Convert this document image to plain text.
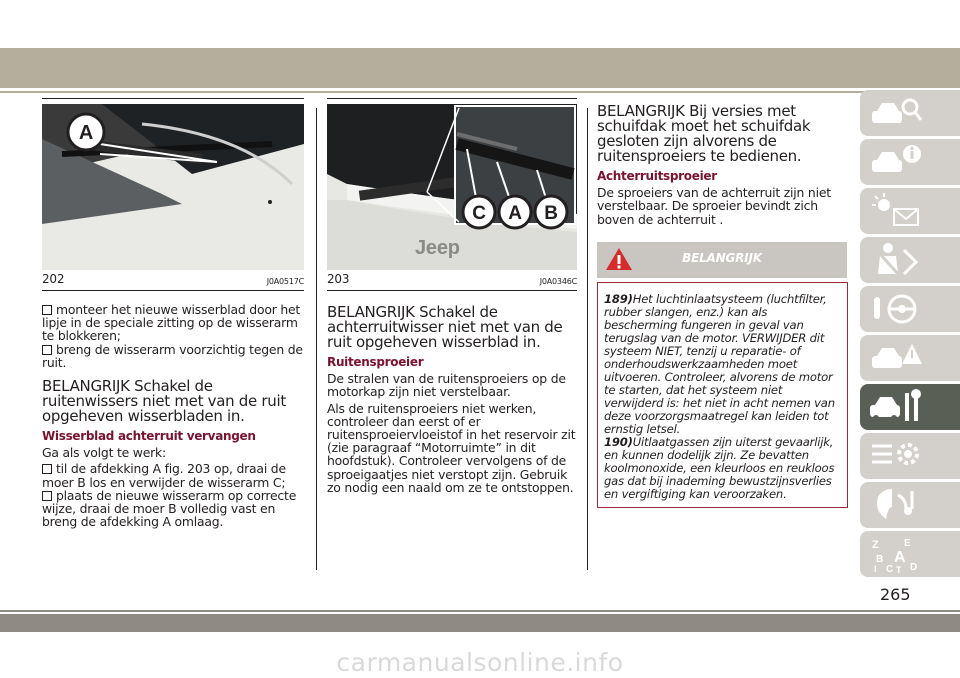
A
202	J0A0517C

monteer het nieuwe wisserblad door het lipje in de speciale zitting op de wisserarm te blokkeren;

breng de wisserarm voorzichtig tegen de ruit.

BELANGRIJK Schakel de ruitenwissers niet met van de ruit opgeheven wisserbladen in.
Wisserblad achterruit vervangen

Ga als volgt te werk:

til de afdekking A fig. 203 op, draai de moer B los en verwijder de wisserarm C;

plaats de nieuwe wisserarm op correcte wijze, draai de moer B volledig vast en breng de afdekking A omlaag.

Jeep
C A B
203	J0A0346C
BELANGRIJK Schakel de achterruitwisser niet met van de ruit opgeheven wisserblad in.
Ruitensproeier

De stralen van de ruitensproeiers op de motorkap zijn niet verstelbaar.

Als de ruitensproeiers niet werken, controleer dan eerst of er ruitensproeiervloeistof in het reservoir zit (zie paragraaf “Motorruimte” in dit hoofdstuk). Controleer vervolgens of de sproeigaatjes niet verstopt zijn. Gebruik zo nodig een naald om ze te ontstoppen.

BELANGRIJK Bij versies met schuifdak moet het schuifdak gesloten zijn alvorens de ruitensproeiers te bedienen.
Achterruitsproeier

De sproeiers van de achterruit zijn niet verstelbaar. De sproeier bevindt zich boven de achterruit .

BELANGRIJK
189)Het luchtinlaatsysteem (luchtfilter, rubber slangen, enz.) kan als bescherming fungeren in geval van terugslag van de motor. VERWIJDER dit systeem NIET, tenzij u reparatie- of onderhoudswerkzaamheden moet uitvoeren. Controleer, alvorens de motor te starten, dat het systeem niet verwijderd is: het niet in acht nemen van deze voorzorgsmaatregel kan leiden tot ernstig letsel.
190)Uitlaatgassen zijn uiterst gevaarlijk, en kunnen dodelijk zijn. Ze bevatten koolmonoxide, een kleurloos en reukloos gas dat bij inademing bewustzijnsverlies en vergiftiging kan veroorzaken.
Z	E
B A
C D
I T
265
carmanualsonline.info
